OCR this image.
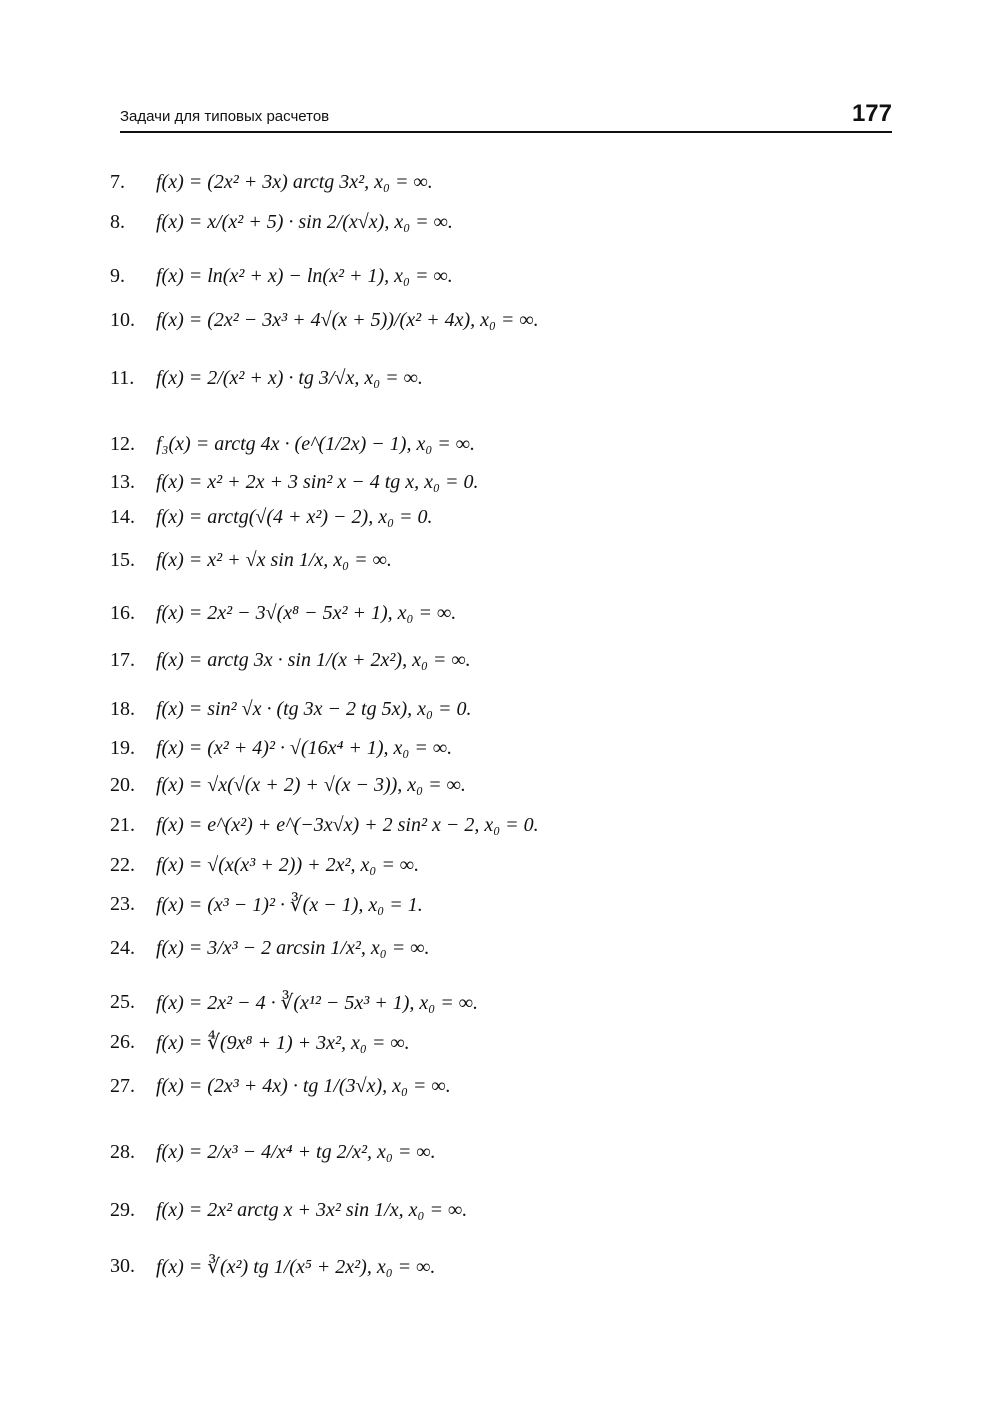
Задачи для типовых расчетов	177
7.	f(x) = (2x² + 3x) arctg 3x², x₀ = ∞.
8.	f(x) = x/(x² + 5) · sin 2/(x√x), x₀ = ∞.
9.	f(x) = ln(x² + x) − ln(x² + 1), x₀ = ∞.
10.	f(x) = (2x² − 3x³ + 4√(x + 5))/(x² + 4x), x₀ = ∞.
11.	f(x) = 2/(x² + x) · tg 3/√x, x₀ = ∞.
12.	f₃(x) = arctg 4x · (e^(1/2x) − 1), x₀ = ∞.
13.	f(x) = x² + 2x + 3 sin² x − 4 tg x, x₀ = 0.
14.	f(x) = arctg(√(4 + x²) − 2), x₀ = 0.
15.	f(x) = x² + √x sin 1/x, x₀ = ∞.
16.	f(x) = 2x² − 3√(x⁸ − 5x² + 1), x₀ = ∞.
17.	f(x) = arctg 3x · sin 1/(x + 2x²), x₀ = ∞.
18.	f(x) = sin² √x · (tg 3x − 2 tg 5x), x₀ = 0.
19.	f(x) = (x² + 4)² · √(16x⁴ + 1), x₀ = ∞.
20.	f(x) = √x(√(x + 2) + √(x − 3)), x₀ = ∞.
21.	f(x) = e^(x²) + e^(−3x√x) + 2 sin² x − 2, x₀ = 0.
22.	f(x) = √(x(x³ + 2)) + 2x², x₀ = ∞.
23.	f(x) = (x³ − 1)² · ∛(x − 1), x₀ = 1.
24.	f(x) = 3/x³ − 2 arcsin 1/x², x₀ = ∞.
25.	f(x) = 2x² − 4 · ∛(x¹² − 5x³ + 1), x₀ = ∞.
26.	f(x) = ∜(9x⁸ + 1) + 3x², x₀ = ∞.
27.	f(x) = (2x³ + 4x) · tg 1/(3√x), x₀ = ∞.
28.	f(x) = 2/x³ − 4/x⁴ + tg 2/x², x₀ = ∞.
29.	f(x) = 2x² arctg x + 3x² sin 1/x, x₀ = ∞.
30.	f(x) = ∛(x²) tg 1/(x⁵ + 2x²), x₀ = ∞.
